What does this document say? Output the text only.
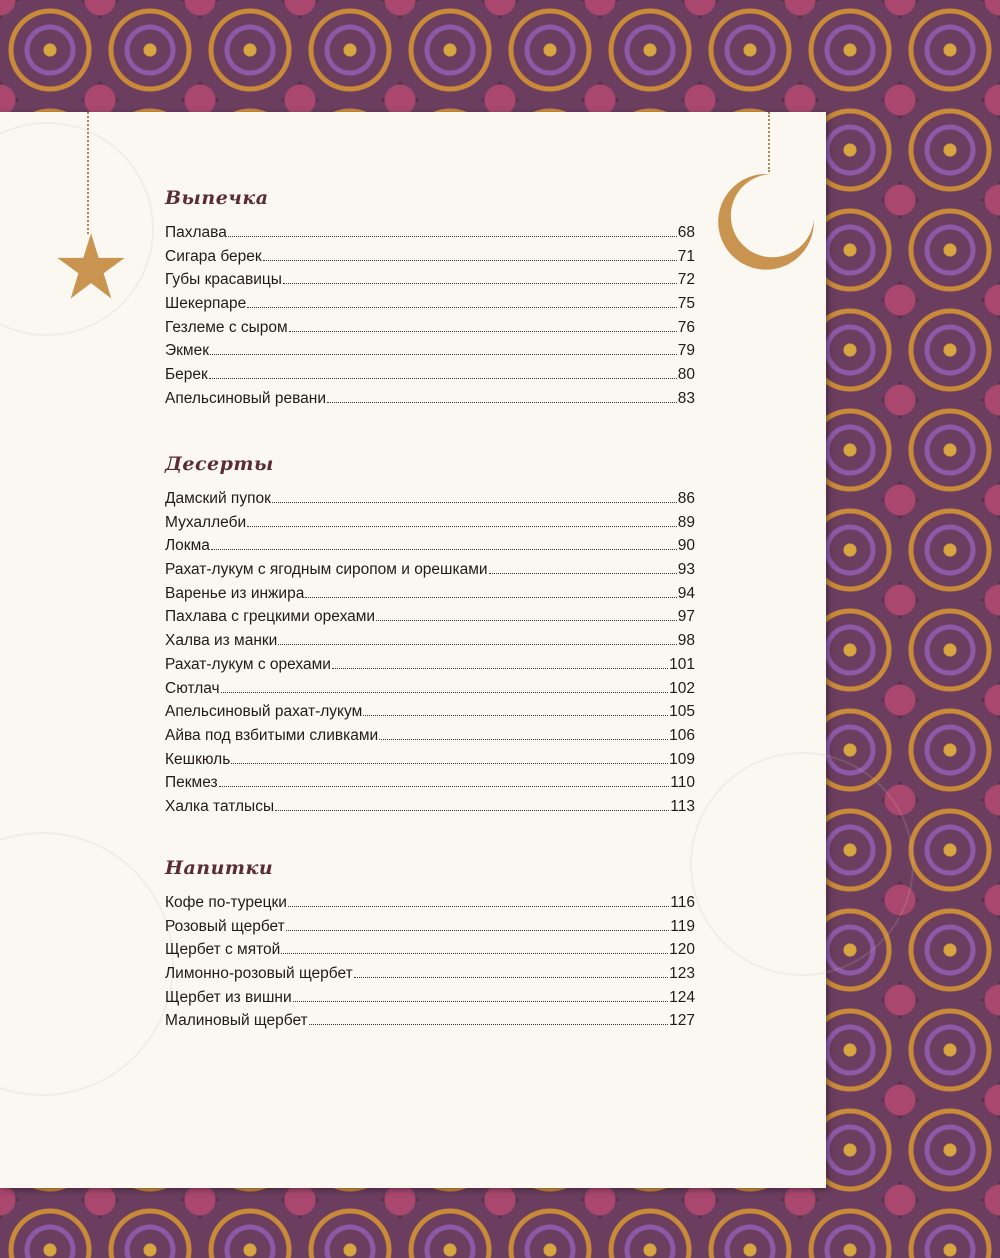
Выпечка
Пахлава	68
Сигара берек	71
Губы красавицы	72
Шекерпаре	75
Гезлеме с сыром	76
Экмек	79
Берек	80
Апельсиновый ревани	83
Десерты
Дамский пупок	86
Мухаллеби	89
Локма	90
Рахат-лукум с ягодным сиропом и орешками	93
Варенье из инжира	94
Пахлава с грецкими орехами	97
Халва из манки	98
Рахат-лукум с орехами	101
Сютлач	102
Апельсиновый рахат-лукум	105
Айва под взбитыми сливками	106
Кешкюль	109
Пекмез	110
Халка татлысы	113
Напитки
Кофе по-турецки	116
Розовый щербет	119
Щербет с мятой	120
Лимонно-розовый щербет	123
Щербет из вишни	124
Малиновый щербет	127
